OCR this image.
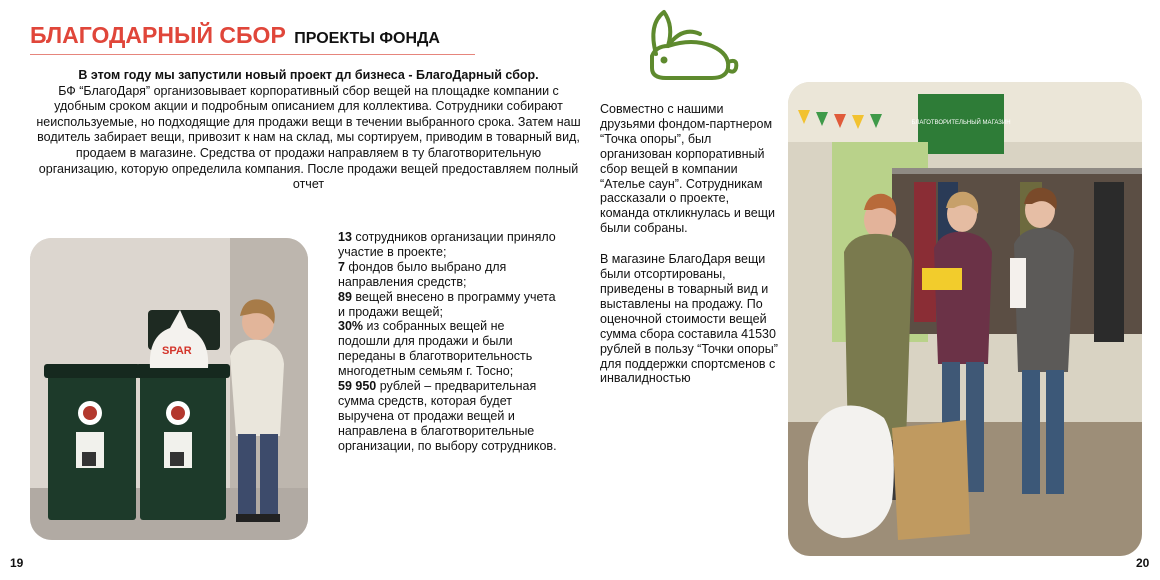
БЛАГОДАРНЫЙ СБОР ПРОЕКТЫ ФОНДА
В этом году мы запустили новый проект дл бизнеса - БлагоДарный сбор.
БФ “БлагоДаря” организовывает корпоративный сбор вещей на площадке компании с удобным сроком акции и подробным описанием для коллектива. Сотрудники собирают неиспользуемые, но подходящие для продажи вещи в течении выбранного срока. Затем наш водитель забирает вещи, привозит к нам на склад, мы сортируем, приводим в товарный вид, продаем в магазине. Средства от продажи направляем в ту благотворительную организацию, которую определила компания. После продажи вещей предоставляем полный отчет
SPAR

13 сотрудников организации приняло участие в проекте;

7 фондов было выбрано для направления средств;

89 вещей внесено в программу учета и продажи вещей;

30% из собранных вещей не подошли для продажи и были переданы в благотворительность многодетным семьям г. Тосно;

59 950 рублей – предварительная сумма средств, которая будет выручена от продажи вещей и направлена в благотворительные организации, по выбору сотрудников.

Совместно с нашими друзьями фондом-партнером “Точка опоры”, был организован корпоративный сбор вещей в компании “Ателье саун”. Сотрудникам рассказали о проекте, команда откликнулась и вещи были собраны.

В магазине БлагоДаря вещи были отсортированы, приведены в товарный вид и выставлены на продажу. По оценочной стоимости вещей сумма сбора составила 41530 рублей в пользу “Точки опоры” для поддержки спортсменов с инвалидностью

БЛАГОТВОРИТЕЛЬНЫЙ МАГАЗИН
19	20
